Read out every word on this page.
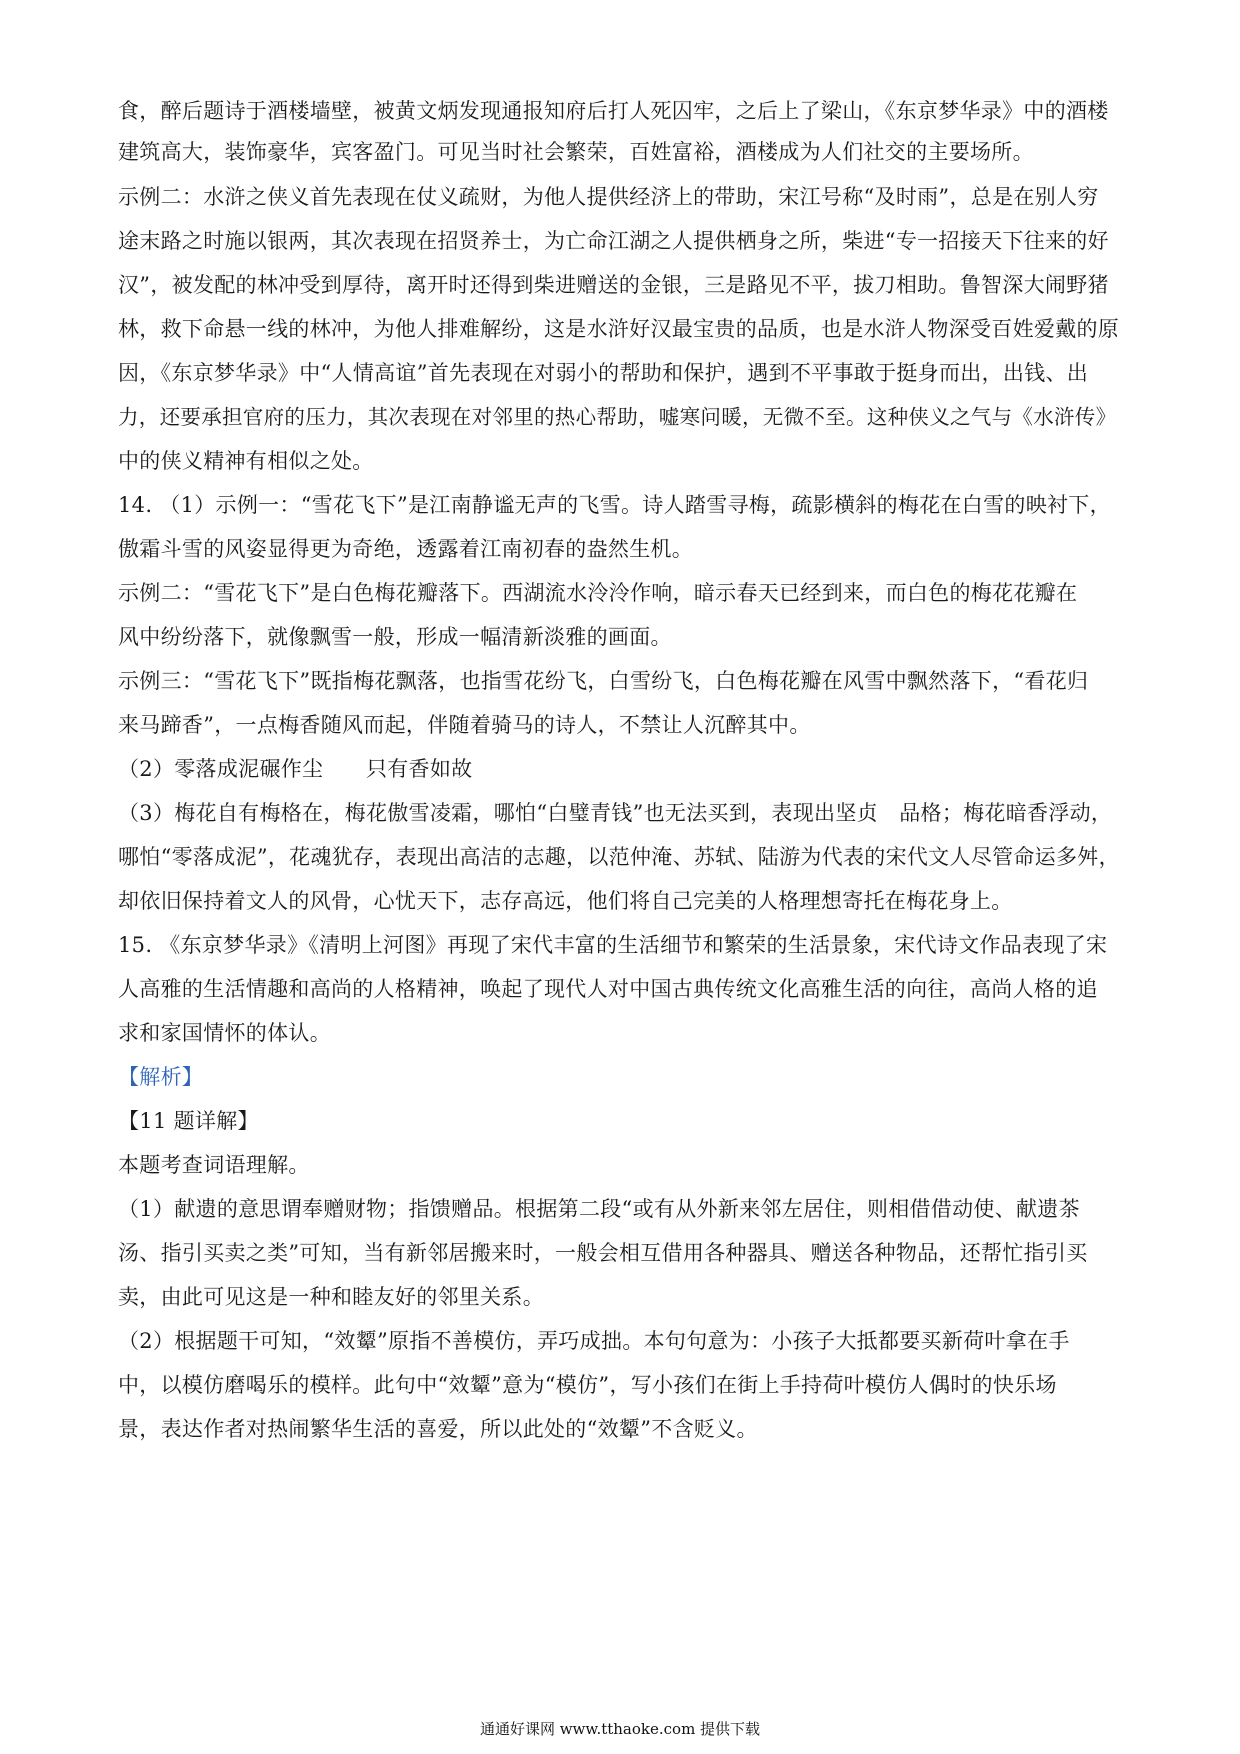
食，醉后题诗于酒楼墙壁，被黄文炳发现通报知府后打人死囚牢，之后上了梁山，《东京梦华录》中的酒楼
建筑高大，装饰豪华，宾客盈门。可见当时社会繁荣，百姓富裕，酒楼成为人们社交的主要场所。
示例二：水浒之侠义首先表现在仗义疏财，为他人提供经济上的带助，宋江号称“及时雨”，总是在别人穷
途末路之时施以银两，其次表现在招贤养士，为亡命江湖之人提供栖身之所，柴进“专一招接天下往来的好
汉”，被发配的林冲受到厚待，离开时还得到柴进赠送的金银，三是路见不平，拔刀相助。鲁智深大闹野猪
林，救下命悬一线的林冲，为他人排难解纷，这是水浒好汉最宝贵的品质，也是水浒人物深受百姓爱戴的原
因，《东京梦华录》中“人情高谊”首先表现在对弱小的帮助和保护，遇到不平事敢于挺身而出，出钱、出
力，还要承担官府的压力，其次表现在对邻里的热心帮助，嘘寒问暖，无微不至。这种侠义之气与《水浒传》
中的侠义精神有相似之处。
14. （1）示例一：“雪花飞下”是江南静谧无声的飞雪。诗人踏雪寻梅，疏影横斜的梅花在白雪的映衬下，
傲霜斗雪的风姿显得更为奇绝，透露着江南初春的盎然生机。
示例二：“雪花飞下”是白色梅花瓣落下。西湖流水泠泠作响，暗示春天已经到来，而白色的梅花花瓣在
风中纷纷落下，就像飘雪一般，形成一幅清新淡雅的画面。
示例三：“雪花飞下”既指梅花飘落，也指雪花纷飞，白雪纷飞，白色梅花瓣在风雪中飘然落下，“看花归
来马蹄香”，一点梅香随风而起，伴随着骑马的诗人，不禁让人沉醉其中。
（2）零落成泥碾作尘　　只有香如故
（3）梅花自有梅格在，梅花傲雪凌霜，哪怕“白璧青钱”也无法买到，表现出坚贞　品格；梅花暗香浮动，
哪怕“零落成泥”，花魂犹存，表现出高洁的志趣，以范仲淹、苏轼、陆游为代表的宋代文人尽管命运多舛，
却依旧保持着文人的风骨，心忧天下，志存高远，他们将自己完美的人格理想寄托在梅花身上。
15. 《东京梦华录》《清明上河图》再现了宋代丰富的生活细节和繁荣的生活景象，宋代诗文作品表现了宋
人高雅的生活情趣和高尚的人格精神，唤起了现代人对中国古典传统文化高雅生活的向往，高尚人格的追
求和家国情怀的体认。
【解析】
【11 题详解】
本题考查词语理解。
（1）献遗的意思谓奉赠财物；指馈赠品。根据第二段“或有从外新来邻左居住，则相借借动使、献遗茶
汤、指引买卖之类”可知，当有新邻居搬来时，一般会相互借用各种器具、赠送各种物品，还帮忙指引买
卖，由此可见这是一种和睦友好的邻里关系。
（2）根据题干可知，“效颦”原指不善模仿，弄巧成拙。本句句意为：小孩子大抵都要买新荷叶拿在手
中，以模仿磨喝乐的模样。此句中“效颦”意为“模仿”，写小孩们在街上手持荷叶模仿人偶时的快乐场
景，表达作者对热闹繁华生活的喜爱，所以此处的“效颦”不含贬义。
通通好课网 www.tthaoke.com 提供下载
